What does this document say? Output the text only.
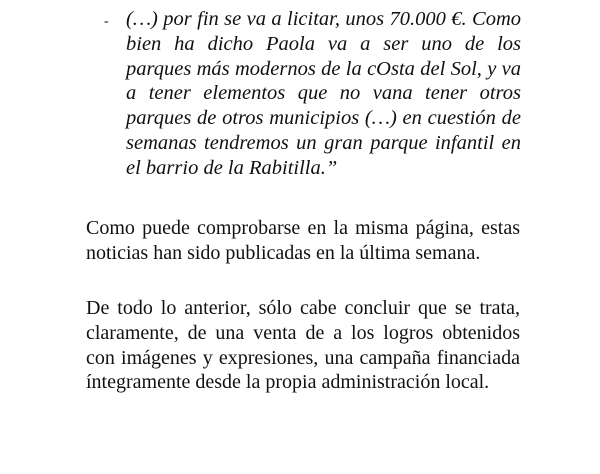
- (…) por fin se va a licitar, unos 70.000 €. Como bien ha dicho Paola va a ser uno de los parques más modernos de la cOsta del Sol, y va a tener elementos que no vana tener otros parques de otros municipios (…) en cuestión de semanas tendremos un gran parque infantil en el barrio de la Rabitilla.”

Como puede comprobarse en la misma página, estas noticias han sido publicadas en la última semana.

De todo lo anterior, sólo cabe concluir que se trata, claramente, de una venta de a los logros obtenidos con imágenes y expresiones, una campaña financiada íntegramente desde la propia administración local.
